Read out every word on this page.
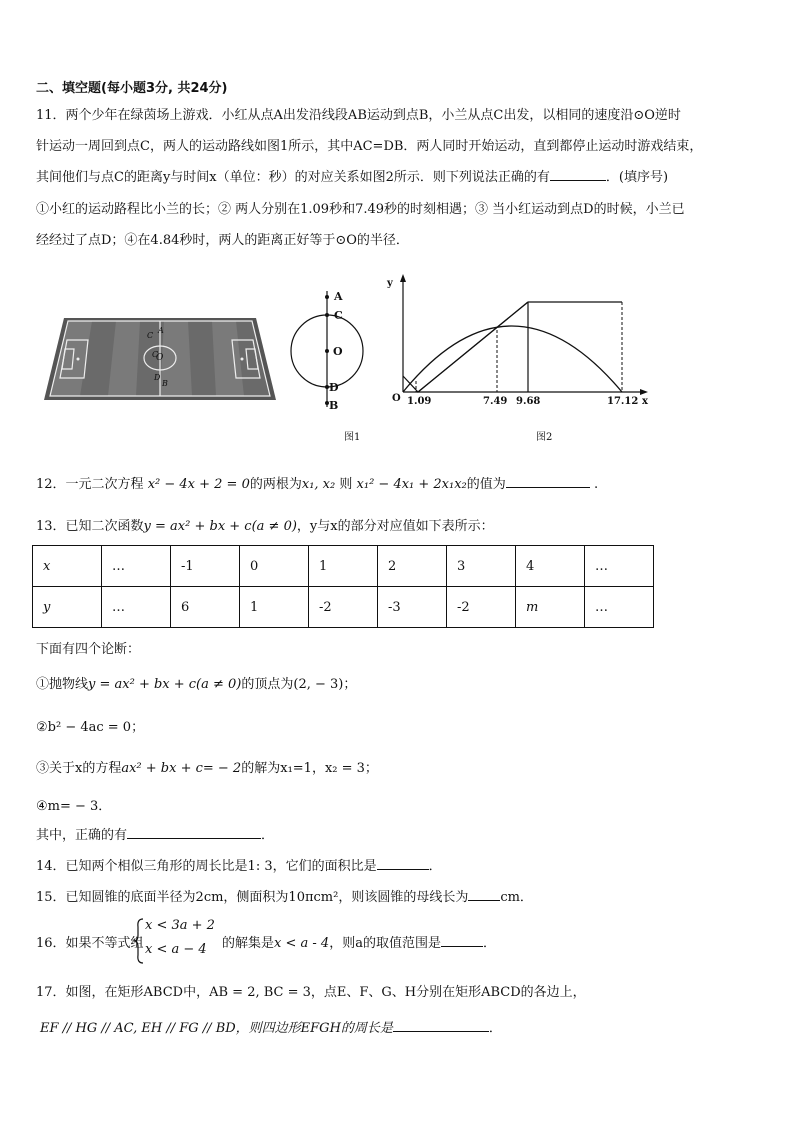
二、填空题(每小题3分, 共24分)
11．两个少年在绿茵场上游戏．小红从点A出发沿线段AB运动到点B，小兰从点C出发，以相同的速度沿⊙O逆时
针运动一周回到点C，两人的运动路线如图1所示，其中AC=DB．两人同时开始运动，直到都停止运动时游戏结束，
其间他们与点C的距离y与时间x（单位：秒）的对应关系如图2所示．则下列说法正确的有	．(填序号)
①小红的运动路程比小兰的长；② 两人分别在1.09秒和7.49秒的时刻相遇；③ 当小红运动到点D的时候，小兰已
经经过了点D；④在4.84秒时，两人的距离正好等于⊙O的半径．
C
A
C
D
B
O
A
C
O
D
B
图1
y
x
O 1.09	7.49 9.68	17.12
图2
12．一元二次方程 x² − 4x + 2 = 0的两根为x₁, x₂ 则 x₁² − 4x₁ + 2x₁x₂的值为	.
13．已知二次函数y = ax² + bx + c(a ≠ 0)，y与x的部分对应值如下表所示：
x	…	-1	0	1	2	3	4	…
y	…	6	1	-2	-3	-2	m	…
下面有四个论断：
①抛物线y = ax² + bx + c(a ≠ 0)的顶点为(2, − 3)；
②b² − 4ac = 0；
③关于x的方程ax² + bx + c= − 2的解为x₁=1，x₂ = 3；
④m= − 3．
其中，正确的有	．
14．已知两个相似三角形的周长比是1: 3，它们的面积比是	．
15．已知圆锥的底面半径为2cm，侧面积为10πcm²，则该圆锥的母线长为 cm．
16．如果不等式组
x < 3a + 2
x < a − 4 的解集是x < a - 4，则a的取值范围是	．
17．如图，在矩形ABCD中，AB = 2, BC = 3，点E、F、G、H分别在矩形ABCD的各边上，
EF // HG // AC, EH // FG // BD，则四边形EFGH的周长是	．
